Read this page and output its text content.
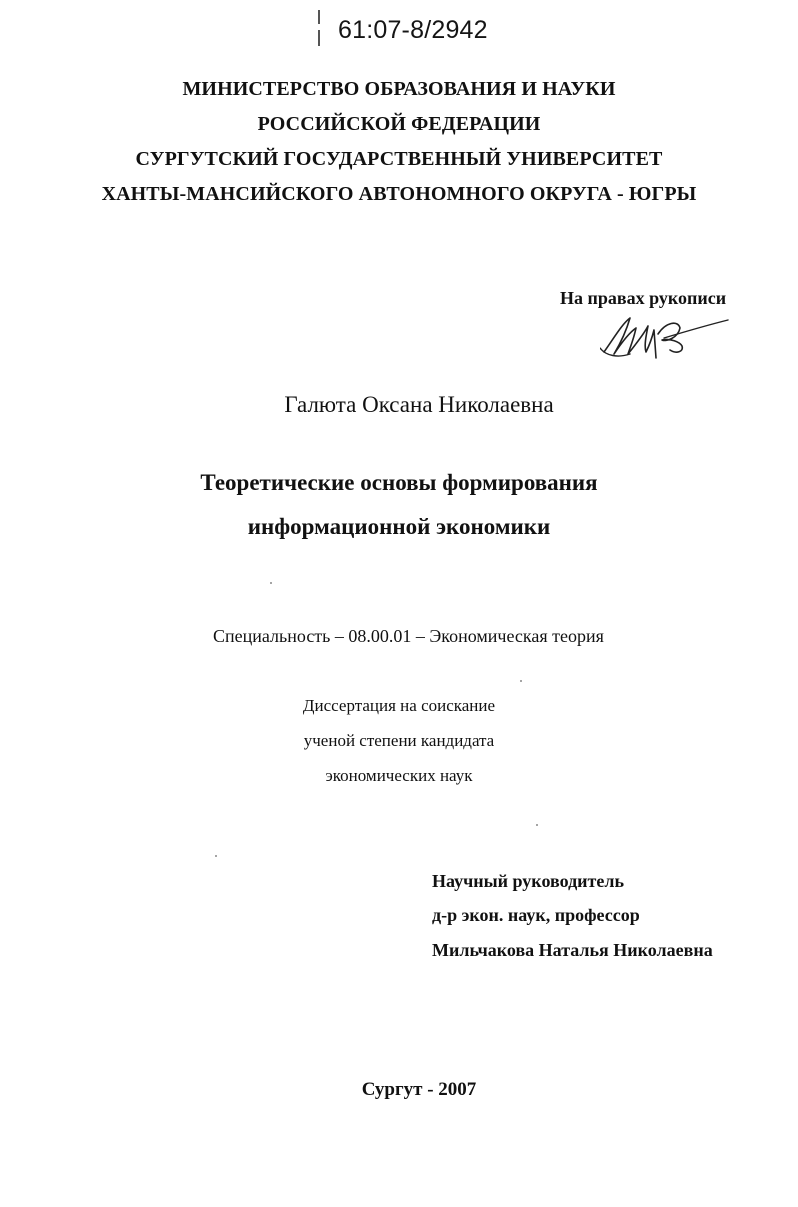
61:07-8/2942
МИНИСТЕРСТВО ОБРАЗОВАНИЯ И НАУКИ
РОССИЙСКОЙ ФЕДЕРАЦИИ
СУРГУТСКИЙ ГОСУДАРСТВЕННЫЙ УНИВЕРСИТЕТ
ХАНТЫ-МАНСИЙСКОГО АВТОНОМНОГО ОКРУГА - ЮГРЫ
На правах рукописи
Галюта Оксана Николаевна
Теоретические основы формирования
информационной экономики
Специальность – 08.00.01 – Экономическая теория
Диссертация на соискание
ученой степени кандидата
экономических наук
Научный руководитель
д-р экон. наук, профессор
Мильчакова Наталья Николаевна
Сургут - 2007
